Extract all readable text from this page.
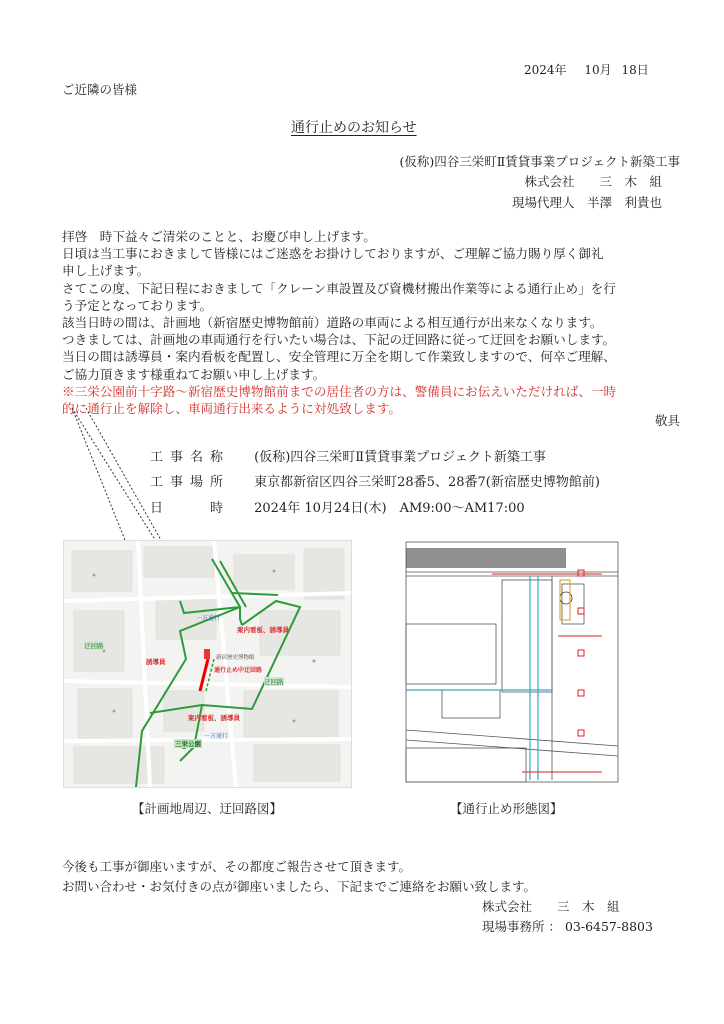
2024年 10月 18日
ご近隣の皆様
通行止めのお知らせ
(仮称)四谷三栄町Ⅱ賃貸事業プロジェクト新築工事
株式会社　　三　木　組
現場代理人　半澤　利貴也
拝啓　時下益々ご清栄のことと、お慶び申し上げます。
日頃は当工事におきまして皆様にはご迷惑をお掛けしておりますが、ご理解ご協力賜り厚く御礼
申し上げます。
さてこの度、下記日程におきまして「クレーン車設置及び資機材搬出作業等による通行止め」を行
う予定となっております。
該当日時の間は、計画地（新宿歴史博物館前）道路の車両による相互通行が出来なくなります。
つきましては、計画地の車両通行を行いたい場合は、下記の迂回路に従って迂回をお願いします。
当日の間は誘導員・案内看板を配置し、安全管理に万全を期して作業致しますので、何卒ご理解、
ご協力頂きます様重ねてお願い申し上げます。
※三栄公園前十字路～新宿歴史博物館前までの居住者の方は、警備員にお伝えいただければ、一時
的に通行止を解除し、車両通行出来るように対処致します。
敬具
工事名称 (仮称)四谷三栄町Ⅱ賃貸事業プロジェクト新築工事
工事場所 東京都新宿区四谷三栄町28番5、28番7(新宿歴史博物館前)
日　　時 2024年 10月24日(木)　AM9:00～AM17:00
案内看板、誘導員
案内看板、誘導員
誘導員
通行止め中迂回路
新宿歴史博物館
三栄公園
一方通行
一方通行
迂回路
迂回路
【計画地周辺、迂回路図】	【通行止め形態図】
今後も工事が御座いますが、その都度ご報告させて頂きます。
お問い合わせ・お気付きの点が御座いましたら、下記までご連絡をお願い致します。
株式会社　　三　木　組
現場事務所 ： 03-6457-8803
